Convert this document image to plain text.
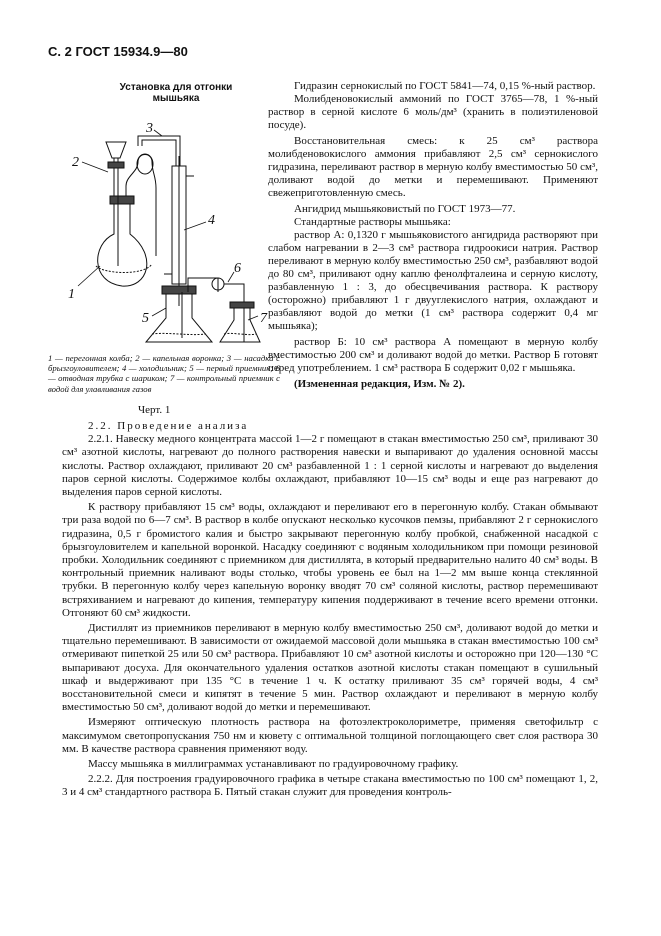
С. 2 ГОСТ 15934.9—80
Установка для отгонки
мышьяка
1
2
3
4
5
6
7
1 — перегонная колба; 2 — капельная воронка; 3 — насадка с брызгоуловителем; 4 — холодильник; 5 — первый приемник; 6 — отводная трубка с шариком; 7 — контрольный приемник с водой для улавливания газов
Черт. 1

Гидразин сернокислый по ГОСТ 5841—74, 0,15 %-ный раствор.

Молибденовокислый аммоний по ГОСТ 3765—78, 1 %-ный раствор в серной кислоте 6 моль/дм³ (хранить в полиэтиленовой посуде).

Восстановительная смесь: к 25 см³ раствора молибденовокислого аммония прибавляют 2,5 см³ сернокислого гидразина, переливают раствор в мерную колбу вместимостью 50 см³, доливают водой до метки и перемешивают. Применяют свежеприготовленную смесь.

Ангидрид мышьяковистый по ГОСТ 1973—77.

Стандартные растворы мышьяка:

раствор А: 0,1320 г мышьяковистого ангидрида растворяют при слабом нагревании в 2—3 см³ раствора гидроокиси натрия. Раствор переливают в мерную колбу вместимостью 250 см³, разбавляют водой до 80 см³, приливают одну каплю фенолфталеина и серную кислоту, разбавленную 1 : 3, до обесцвечивания раствора. К раствору (осторожно) прибавляют 1 г двууглекислого натрия, охлаждают и разбавляют водой до метки (1 см³ раствора содержит 0,4 мг мышьяка);

раствор Б: 10 см³ раствора А помещают в мерную колбу вместимостью 200 см³ и доливают водой до метки. Раствор Б готовят перед употреблением. 1 см³ раствора Б содержит 0,02 г мышьяка.

(Измененная редакция, Изм. № 2).

2.2. Проведение анализа

2.2.1. Навеску медного концентрата массой 1—2 г помещают в стакан вместимостью 250 см³, приливают 30 см³ азотной кислоты, нагревают до полного растворения навески и выпаривают до удаления основной массы кислоты. Раствор охлаждают, приливают 20 см³ разбавленной 1 : 1 серной кислоты и нагревают до выделения паров серной кислоты. Содержимое колбы охлаждают, прибавляют 10—15 см³ воды и еще раз нагревают до выделения паров серной кислоты.

К раствору прибавляют 15 см³ воды, охлаждают и переливают его в перегонную колбу. Стакан обмывают три раза водой по 6—7 см³. В раствор в колбе опускают несколько кусочков пемзы, прибавляют 2 г сернокислого гидразина, 0,5 г бромистого калия и быстро закрывают перегонную колбу пробкой, снабженной насадкой с брызгоуловителем и капельной воронкой. Насадку соединяют с водяным холодильником при помощи резиновой пробки. Холодильник соединяют с приемником для дистиллята, в который предварительно налито 40 см³ воды. В контрольный приемник наливают воды столько, чтобы уровень ее был на 1—2 мм выше конца стеклянной трубки. В перегонную колбу через капельную воронку вводят 70 см³ соляной кислоты, раствор перемешивают встряхиванием и нагревают до кипения, температуру кипения поддерживают в течение всего времени отгонки. Отгоняют 60 см³ жидкости.

Дистиллят из приемников переливают в мерную колбу вместимостью 250 см³, доливают водой до метки и тщательно перемешивают. В зависимости от ожидаемой массовой доли мышьяка в стакан вместимостью 100 см³ отмеривают пипеткой 25 или 50 см³ раствора. Прибавляют 10 см³ азотной кислоты и осторожно при 120—130 °С выпаривают досуха. Для окончательного удаления остатков азотной кислоты стакан помещают в сушильный шкаф и выдерживают при 135 °С в течение 1 ч. К остатку приливают 35 см³ горячей воды, 4 см³ восстановительной смеси и кипятят в течение 5 мин. Раствор охлаждают и переливают в мерную колбу вместимостью 50 см³, доливают водой до метки и перемешивают.

Измеряют оптическую плотность раствора на фотоэлектроколориметре, применяя светофильтр с максимумом светопропускания 750 нм и кювету с оптимальной толщиной поглощающего свет слоя раствора 30 мм. В качестве раствора сравнения применяют воду.

Массу мышьяка в миллиграммах устанавливают по градуировочному графику.

2.2.2. Для построения градуировочного графика в четыре стакана вместимостью по 100 см³ помещают 1, 2, 3 и 4 см³ стандартного раствора Б. Пятый стакан служит для проведения контроль-
